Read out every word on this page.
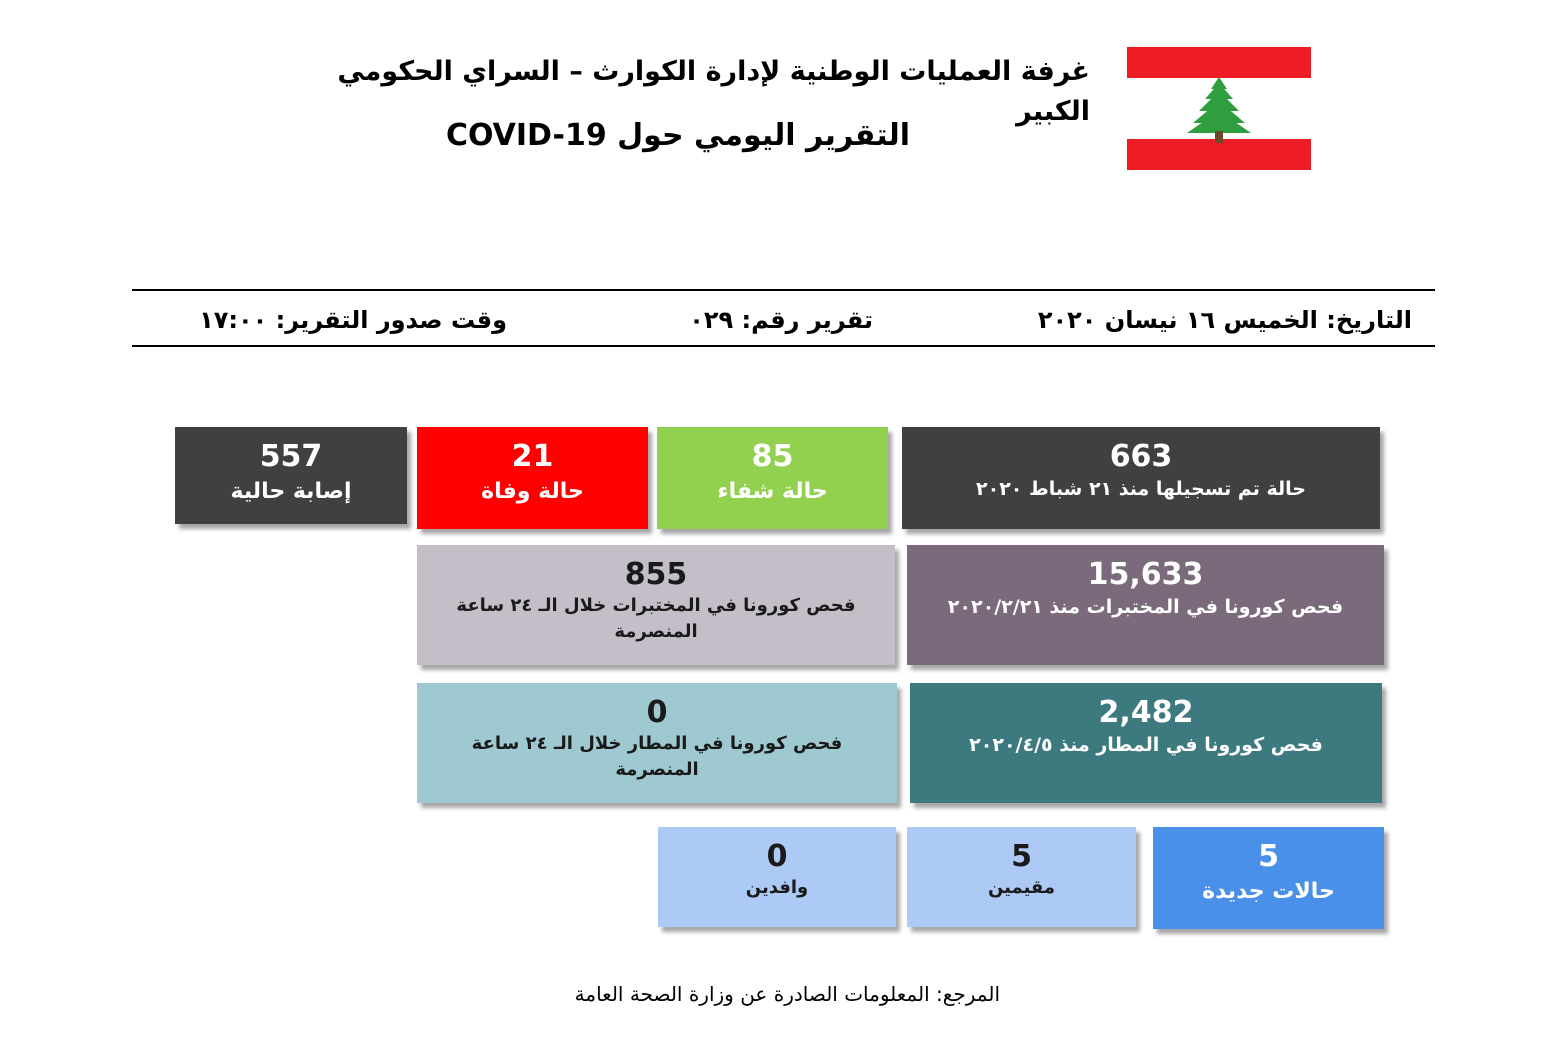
غرفة العمليات الوطنية لإدارة الكوارث – السراي الحكومي الكبير
التقرير اليومي حول COVID-19
التاريخ: الخميس ١٦ نيسان ٢٠٢٠
تقرير رقم: ٠٢٩
وقت صدور التقرير: ١٧:٠٠
663
حالة تم تسجيلها منذ ٢١ شباط ٢٠٢٠
85
حالة شفاء
21
حالة وفاة
557
إصابة حالية
15,633
فحص كورونا في المختبرات منذ ٢٠٢٠/٢/٢١
855
فحص كورونا في المختبرات خلال الـ ٢٤ ساعة المنصرمة
2,482
فحص كورونا في المطار منذ ٢٠٢٠/٤/٥
0
فحص كورونا في المطار خلال الـ ٢٤ ساعة المنصرمة
5
حالات جديدة
5
مقيمين
0
وافدين
المرجع: المعلومات الصادرة عن وزارة الصحة العامة
